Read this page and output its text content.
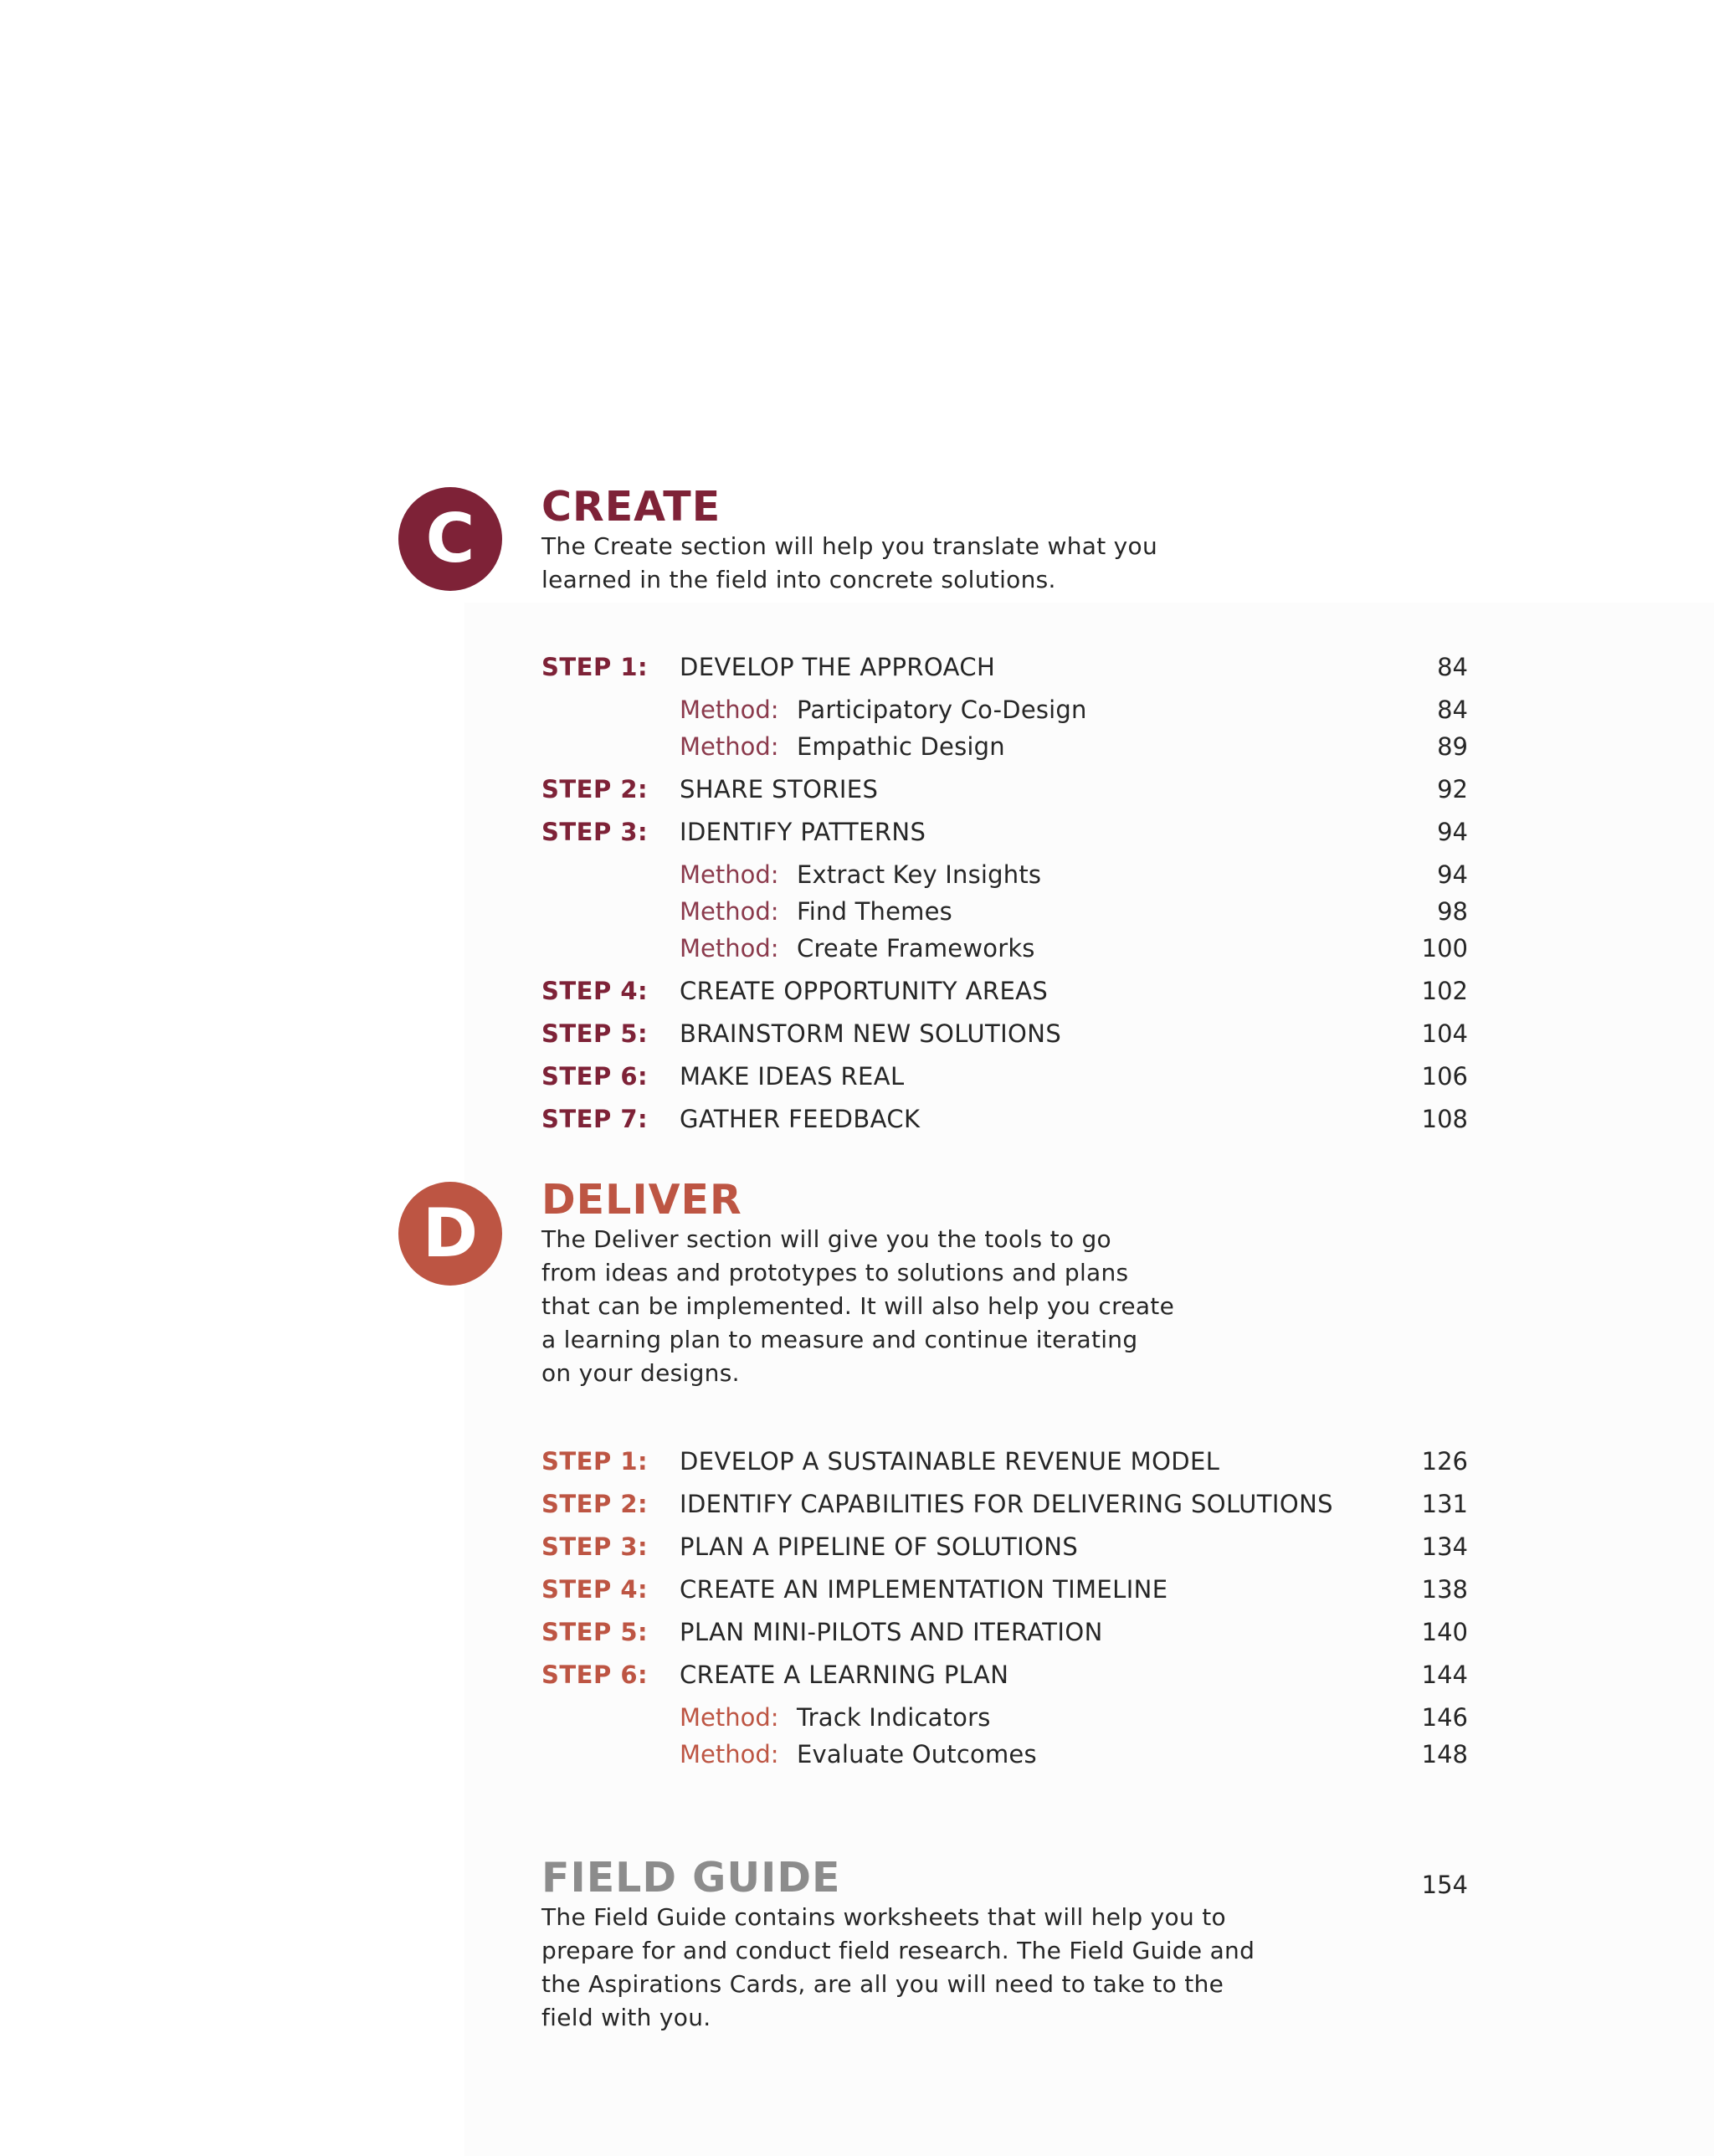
C	CREATE

The Create section will help you translate what you
learned in the field into concrete solutions.

STEP 1: DEVELOP THE APPROACH	84
Method: Participatory Co-Design	84
Method: Empathic Design	89
STEP 2: SHARE STORIES	92
STEP 3: IDENTIFY PATTERNS	94
Method: Extract Key Insights	94
Method: Find Themes	98
Method: Create Frameworks	100
STEP 4: CREATE OPPORTUNITY AREAS	102
STEP 5: BRAINSTORM NEW SOLUTIONS	104
STEP 6: MAKE IDEAS REAL	106
STEP 7: GATHER FEEDBACK	108
D	DELIVER

The Deliver section will give you the tools to go
from ideas and prototypes to solutions and plans
that can be implemented. It will also help you create
a learning plan to measure and continue iterating
on your designs.

STEP 1: DEVELOP A SUSTAINABLE REVENUE MODEL	126
STEP 2: IDENTIFY CAPABILITIES FOR DELIVERING SOLUTIONS	131
STEP 3: PLAN A PIPELINE OF SOLUTIONS	134
STEP 4: CREATE AN IMPLEMENTATION TIMELINE	138
STEP 5: PLAN MINI-PILOTS AND ITERATION	140
STEP 6: CREATE A LEARNING PLAN	144
Method: Track Indicators	146
Method: Evaluate Outcomes	148
FIELD GUIDE	154

The Field Guide contains worksheets that will help you to
prepare for and conduct field research. The Field Guide and
the Aspirations Cards, are all you will need to take to the
field with you.
